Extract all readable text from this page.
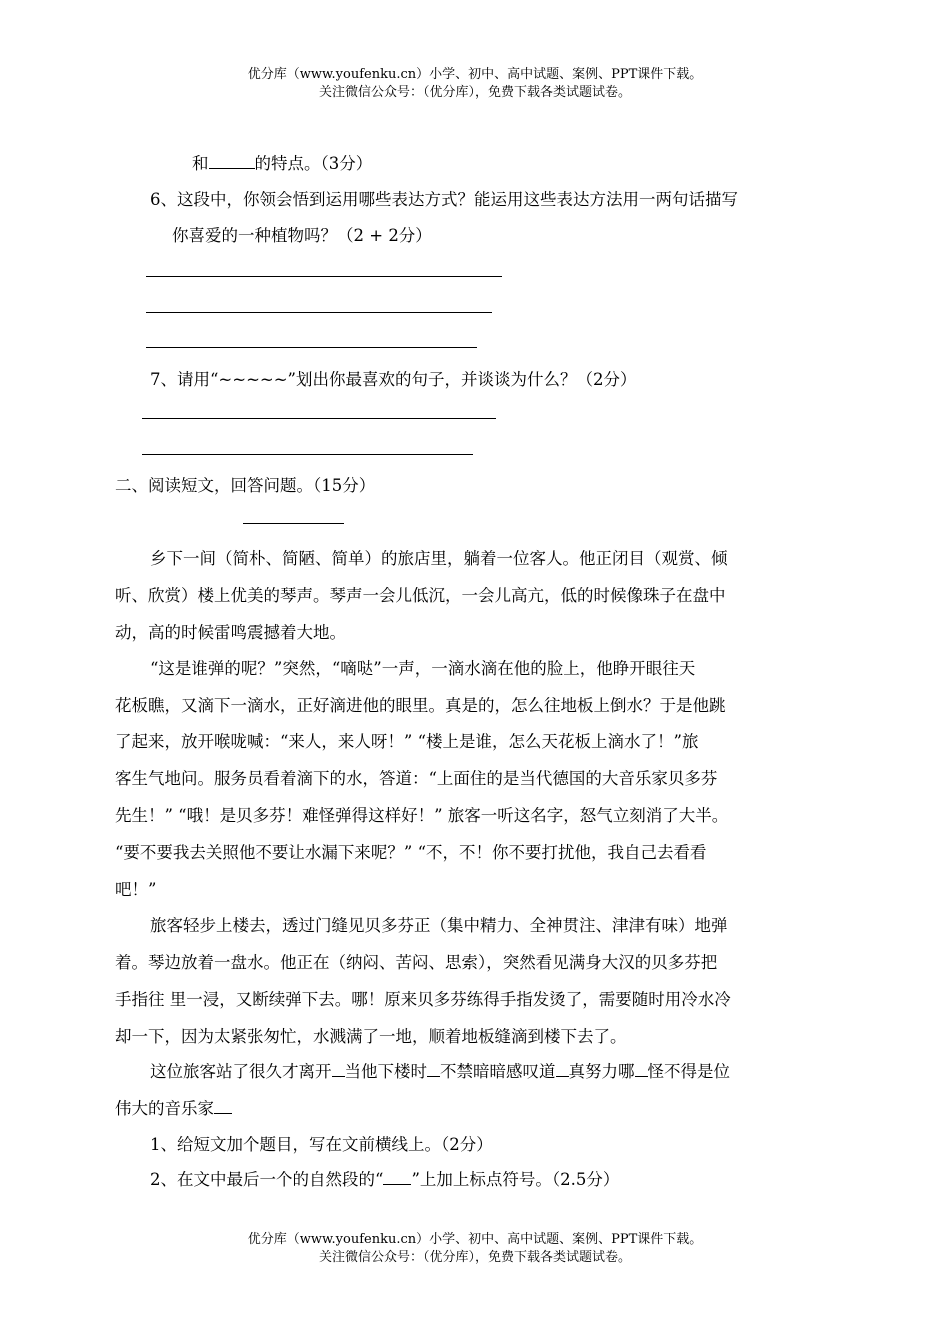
优分库（www.youfenku.cn）小学、初中、高中试题、案例、PPT课件下载。
关注微信公众号：（优分库），免费下载各类试题试卷。
和	的特点。（3分）
6、这段中，你领会悟到运用哪些表达方式？能运用这些表达方法用一两句话描写
你喜爱的一种植物吗？（2 + 2分）
7、请用“~~~~~”划出你最喜欢的句子，并谈谈为什么？（2分）
二、阅读短文，回答问题。（15分）
乡下一间（简朴、简陋、简单）的旅店里，躺着一位客人。他正闭目（观赏、倾
听、欣赏）楼上优美的琴声。琴声一会儿低沉，一会儿高亢，低的时候像珠子在盘中
动，高的时候雷鸣震撼着大地。
“这是谁弹的呢？”突然，“嘀哒”一声，一滴水滴在他的脸上，他睁开眼往天
花板瞧，又滴下一滴水，正好滴进他的眼里。真是的，怎么往地板上倒水？于是他跳
了起来，放开喉咙喊：“来人，来人呀！” “楼上是谁，怎么天花板上滴水了！”旅
客生气地问。服务员看着滴下的水，答道：“上面住的是当代德国的大音乐家贝多芬
先生！” “哦！是贝多芬！难怪弹得这样好！” 旅客一听这名字，怒气立刻消了大半。
“要不要我去关照他不要让水漏下来呢？” “不，不！你不要打扰他，我自己去看看
吧！”
旅客轻步上楼去，透过门缝见贝多芬正（集中精力、全神贯注、津津有味）地弹
着。琴边放着一盘水。他正在（纳闷、苦闷、思索），突然看见满身大汉的贝多芬把
手指往 里一浸，又断续弹下去。哪！原来贝多芬练得手指发烫了，需要随时用冷水冷
却一下，因为太紧张匆忙，水溅满了一地，顺着地板缝滴到楼下去了。
这位旅客站了很久才离开 当他下楼时 不禁暗暗感叹道 真努力哪 怪不得是位
伟大的音乐家
1、给短文加个题目，写在文前横线上。（2分）
2、在文中最后一个的自然段的“ ”上加上标点符号。（2.5分）
优分库（www.youfenku.cn）小学、初中、高中试题、案例、PPT课件下载。
关注微信公众号：（优分库），免费下载各类试题试卷。
